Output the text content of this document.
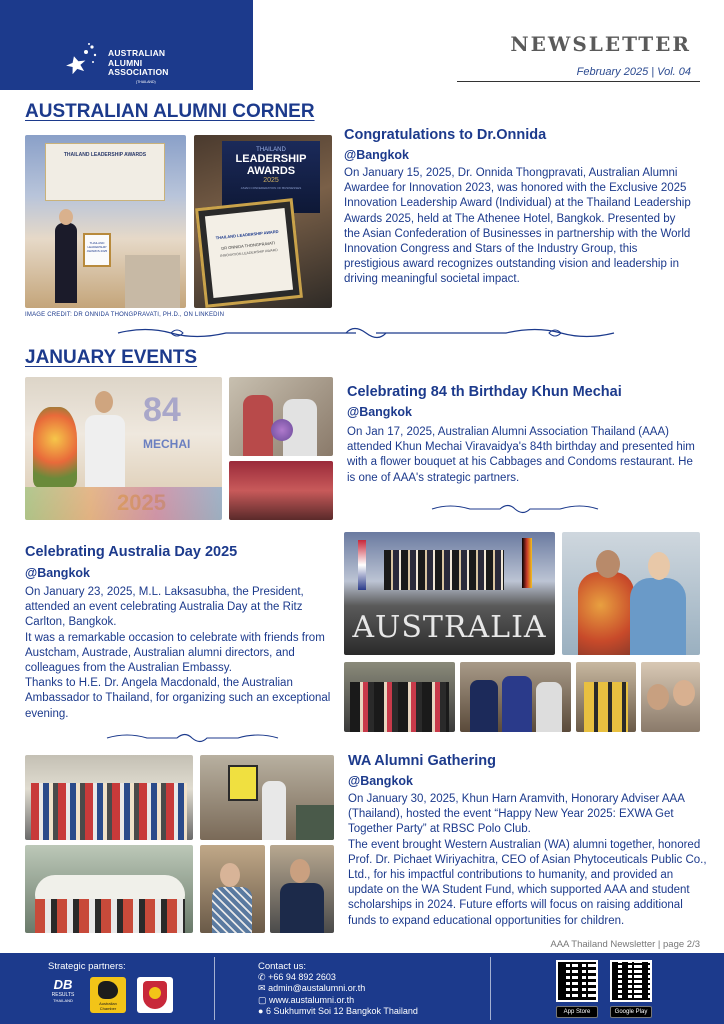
AUSTRALIAN
ALUMNI
ASSOCIATION
(THAILAND)
NEWSLETTER
February 2025 | Vol. 04
AUSTRALIAN ALUMNI CORNER
THAILAND LEADERSHIP AWARDS
THAILAND LEADERSHIP AWARDS 2025
THAILAND
LEADERSHIP
AWARDS
2025
ASIAN CONFEDERATION OF BUSINESSES
THAILAND LEADERSHIP AWARD
DR ONNIDA THONGPRAVATI
INNOVATION LEADERSHIP AWARD
IMAGE CREDIT: DR ONNIDA THONGPRAVATI, PH.D., ON LINKEDIN
Congratulations to Dr.Onnida
@Bangkok
On January 15, 2025, Dr. Onnida Thongpravati, Australian Alumni Awardee for Innovation 2023, was honored with the Exclusive 2025 Innovation Leadership Award (Individual) at the Thailand Leadership Awards 2025, held at The Athenee Hotel, Bangkok. Presented by the Asian Confederation of Businesses in partnership with the World Innovation Congress and Stars of the Industry Group, this prestigious award recognizes outstanding vision and leadership in driving meaningful societal impact.
JANUARY EVENTS
84
MECHAI
Celebrating 84 th Birthday Khun Mechai
@Bangkok
On Jan 17, 2025, Australian Alumni Association Thailand (AAA) attended Khun Mechai Viravaidya's 84th birthday and presented him with a flower bouquet at his Cabbages and Condoms restaurant. He is one of AAA's strategic partners.
Celebrating Australia Day 2025
@Bangkok
On January 23, 2025, M.L. Laksasubha, the President, attended an event celebrating Australia Day at the Ritz Carlton, Bangkok.
It was a remarkable occasion to celebrate with friends from Austcham, Austrade, Australian alumni directors, and colleagues from the Australian Embassy.
Thanks to H.E. Dr. Angela Macdonald, the Australian Ambassador to Thailand, for organizing such an exceptional evening.
AUSTRALIA
WA Alumni Gathering
@Bangkok
On January 30, 2025, Khun Harn Aramvith, Honorary Adviser AAA (Thailand), hosted the event “Happy New Year 2025: EXWA Get Together Party” at RBSC Polo Club.
The event brought Western Australian (WA) alumni together, honored Prof. Dr. Pichaet Wiriyachitra, CEO of Asian Phytoceuticals Public Co., Ltd., for his impactful contributions to humanity, and provided an update on the WA Student Fund, which supported AAA and student scholarships in 2024. Future efforts will focus on raising additional funds to expand educational opportunities for children.
AAA Thailand Newsletter | page 2/3
Strategic partners:
DB
RESULTS
THAILAND
Australian Chamber
Contact us:
✆ +66 94 892 2603
✉ admin@austalumni.or.th
▢ www.austalumni.or.th
● 6 Sukhumvit Soi 12 Bangkok Thailand	App Store	Google Play
